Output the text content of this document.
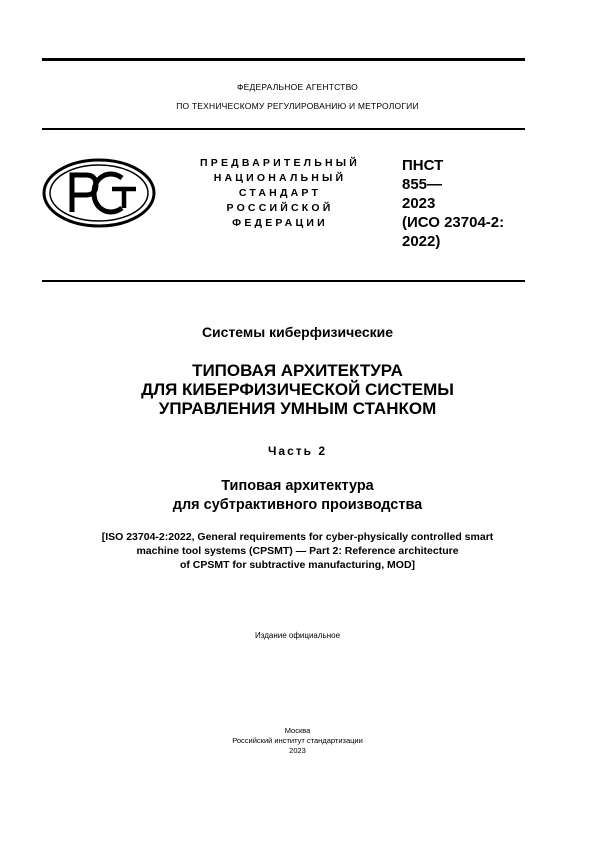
ФЕДЕРАЛЬНОЕ АГЕНТСТВО
ПО ТЕХНИЧЕСКОМУ РЕГУЛИРОВАНИЮ И МЕТРОЛОГИИ
ПРЕДВАРИТЕЛЬНЫЙ
НАЦИОНАЛЬНЫЙ
СТАНДАРТ
РОССИЙСКОЙ
ФЕДЕРАЦИИ
ПНСТ
855—
2023
(ИСО 23704-2:
2022)
Системы киберфизические
ТИПОВАЯ АРХИТЕКТУРА
ДЛЯ КИБЕРФИЗИЧЕСКОЙ СИСТЕМЫ
УПРАВЛЕНИЯ УМНЫМ СТАНКОМ
Часть 2
Типовая архитектура
для субтрактивного производства
[ISO 23704-2:2022, General requirements for cyber-physically controlled smart
machine tool systems (CPSMT) — Part 2: Reference architecture
of CPSMT for subtractive manufacturing, MOD]
Издание официальное
Москва
Российский институт стандартизации
2023
